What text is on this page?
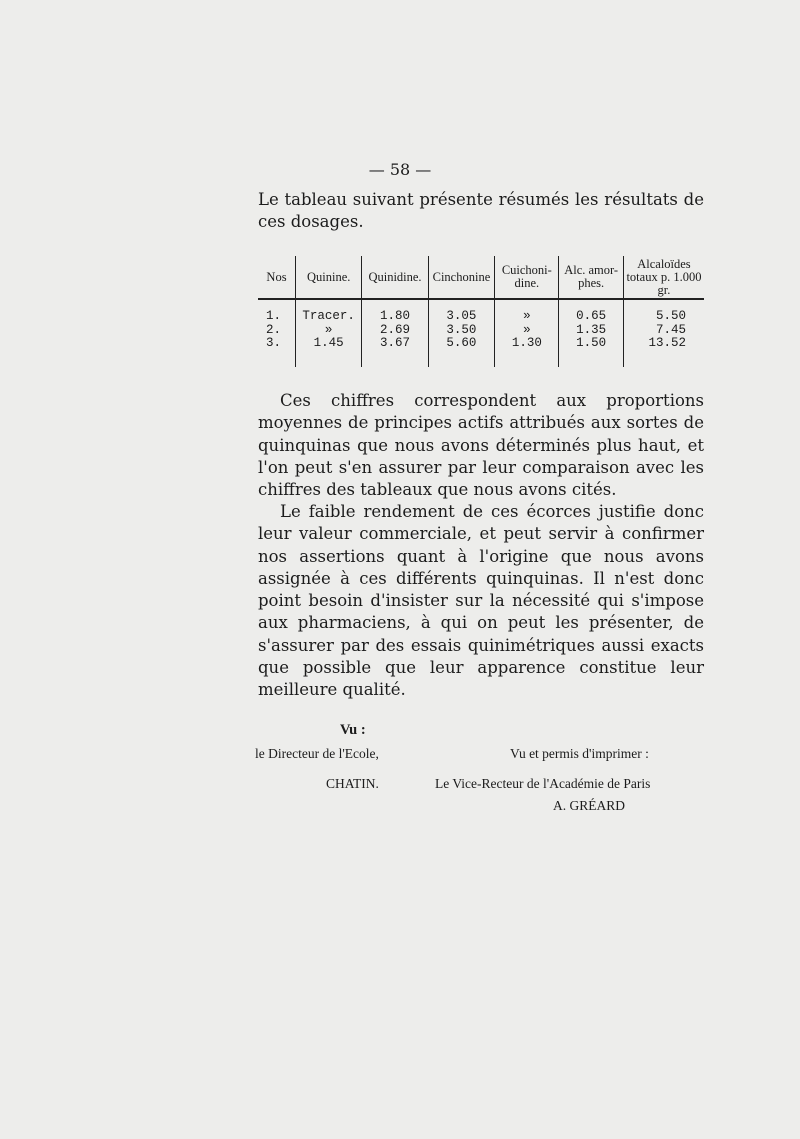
— 58 —
Le tableau suivant présente résumés les résultats de ces dosages.
Nos	Quinine.	Quinidine.	Cinchonine	Cuichoni-dine.	Alc. amor-phes.	Alcaloïdes totaux p. 1.000 gr.
1.	Tracer.	1.80	3.05	»	0.65	5.50
2.	»	2.69	3.50	»	1.35	7.45
3.	1.45	3.67	5.60	1.30	1.50	13.52
Ces chiffres correspondent aux proportions moyennes de principes actifs attribués aux sortes de quinquinas que nous avons déterminés plus haut, et l'on peut s'en assurer par leur comparaison avec les chiffres des tableaux que nous avons cités.
Le faible rendement de ces écorces justifie donc leur valeur commerciale, et peut servir à confirmer nos assertions quant à l'origine que nous avons assignée à ces différents quinquinas. Il n'est donc point besoin d'insister sur la nécessité qui s'impose aux pharmaciens, à qui on peut les présenter, de s'assurer par des essais quinimétriques aussi exacts que possible que leur apparence constitue leur meilleure qualité.
Vu :
le Directeur de l'Ecole,
CHATIN.
Vu et permis d'imprimer :
Le Vice-Recteur de l'Académie de Paris
A. GRÉARD
